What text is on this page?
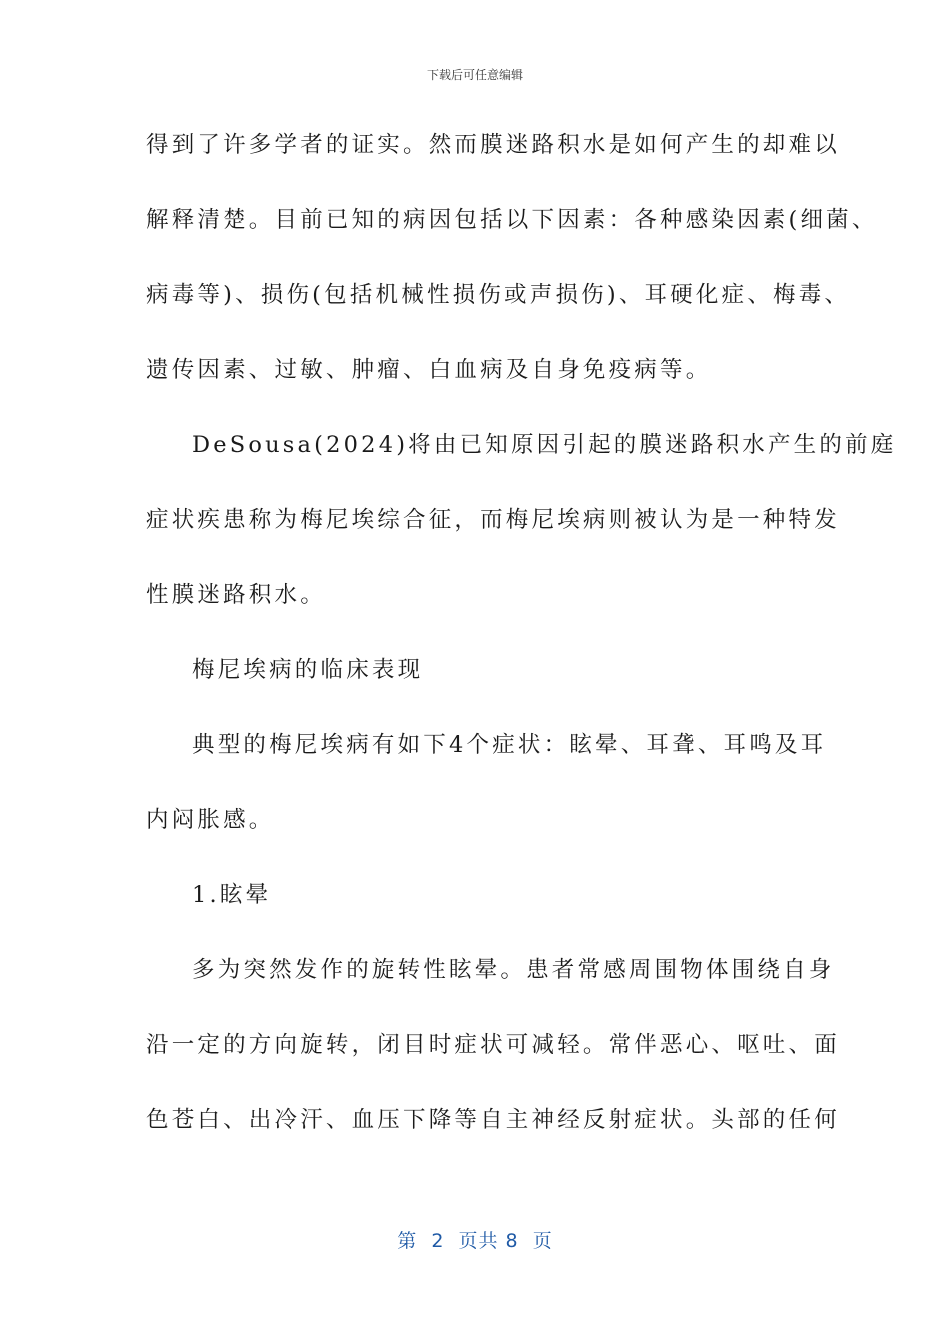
下载后可任意编辑
得到了许多学者的证实。然而膜迷路积水是如何产生的却难以
解释清楚。目前已知的病因包括以下因素：各种感染因素(细菌、
病毒等)、损伤(包括机械性损伤或声损伤)、耳硬化症、梅毒、
遗传因素、过敏、肿瘤、白血病及自身免疫病等。
DeSousa(2024)将由已知原因引起的膜迷路积水产生的前庭
症状疾患称为梅尼埃综合征，而梅尼埃病则被认为是一种特发
性膜迷路积水。
梅尼埃病的临床表现
典型的梅尼埃病有如下4个症状：眩晕、耳聋、耳鸣及耳
内闷胀感。
1.眩晕
多为突然发作的旋转性眩晕。患者常感周围物体围绕自身
沿一定的方向旋转，闭目时症状可减轻。常伴恶心、呕吐、面
色苍白、出冷汗、血压下降等自主神经反射症状。头部的任何
第  2  页共 8  页
